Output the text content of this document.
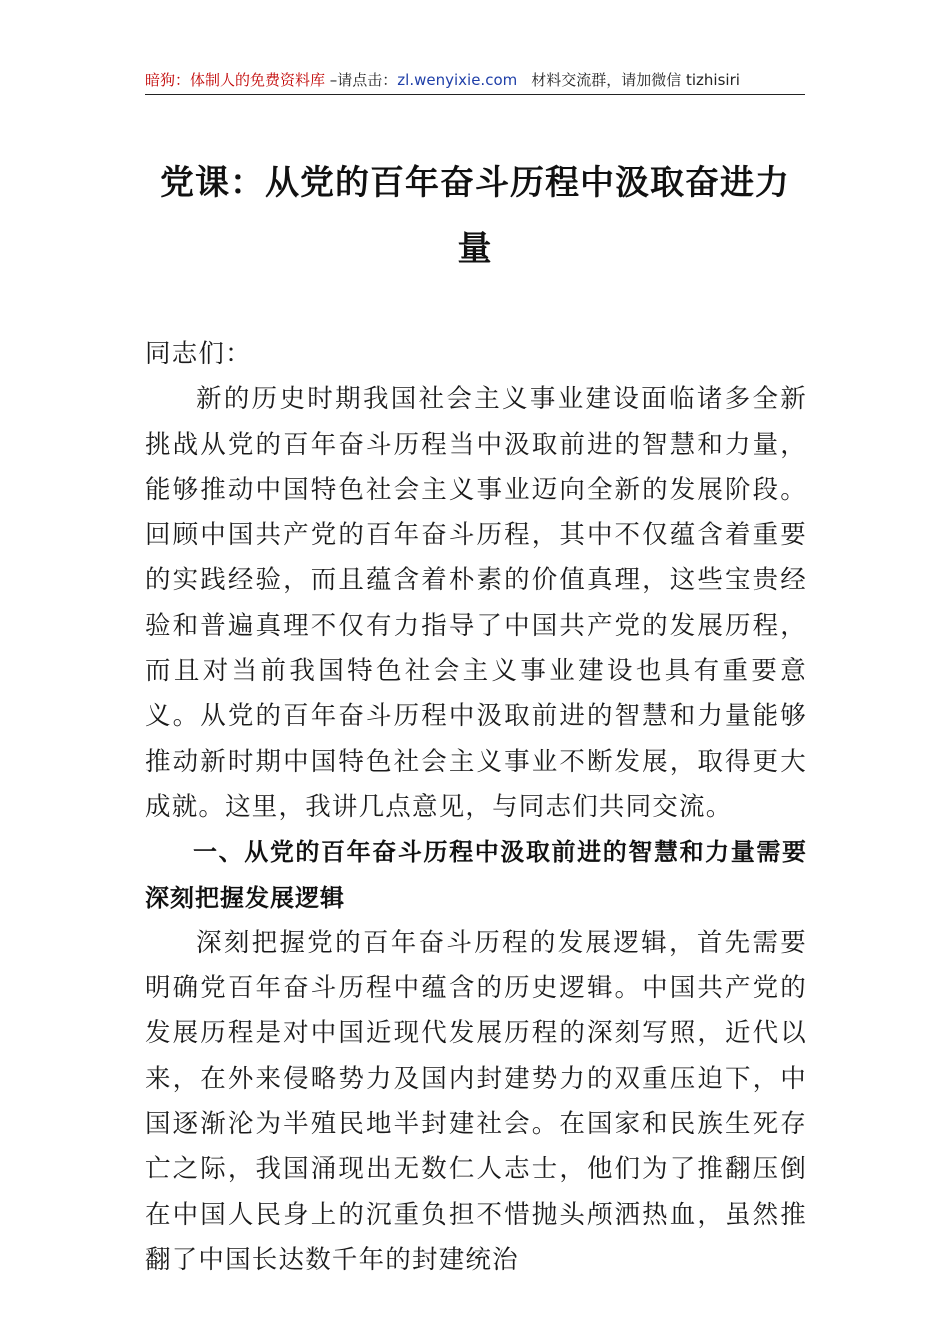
暗狗：体制人的免费资料库 –请点击：zl.wenyixie.com 材料交流群，请加微信 tizhisiri
党课：从党的百年奋斗历程中汲取奋进力量

同志们：

新的历史时期我国社会主义事业建设面临诸多全新挑战从党的百年奋斗历程当中汲取前进的智慧和力量，能够推动中国特色社会主义事业迈向全新的发展阶段。回顾中国共产党的百年奋斗历程，其中不仅蕴含着重要的实践经验，而且蕴含着朴素的价值真理，这些宝贵经验和普遍真理不仅有力指导了中国共产党的发展历程，而且对当前我国特色社会主义事业建设也具有重要意义。从党的百年奋斗历程中汲取前进的智慧和力量能够推动新时期中国特色社会主义事业不断发展，取得更大成就。这里，我讲几点意见，与同志们共同交流。

一、从党的百年奋斗历程中汲取前进的智慧和力量需要深刻把握发展逻辑

深刻把握党的百年奋斗历程的发展逻辑，首先需要明确党百年奋斗历程中蕴含的历史逻辑。中国共产党的发展历程是对中国近现代发展历程的深刻写照，近代以来，在外来侵略势力及国内封建势力的双重压迫下，中国逐渐沦为半殖民地半封建社会。在国家和民族生死存亡之际，我国涌现出无数仁人志士，他们为了推翻压倒在中国人民身上的沉重负担不惜抛头颅洒热血，虽然推翻了中国长达数千年的封建统治
